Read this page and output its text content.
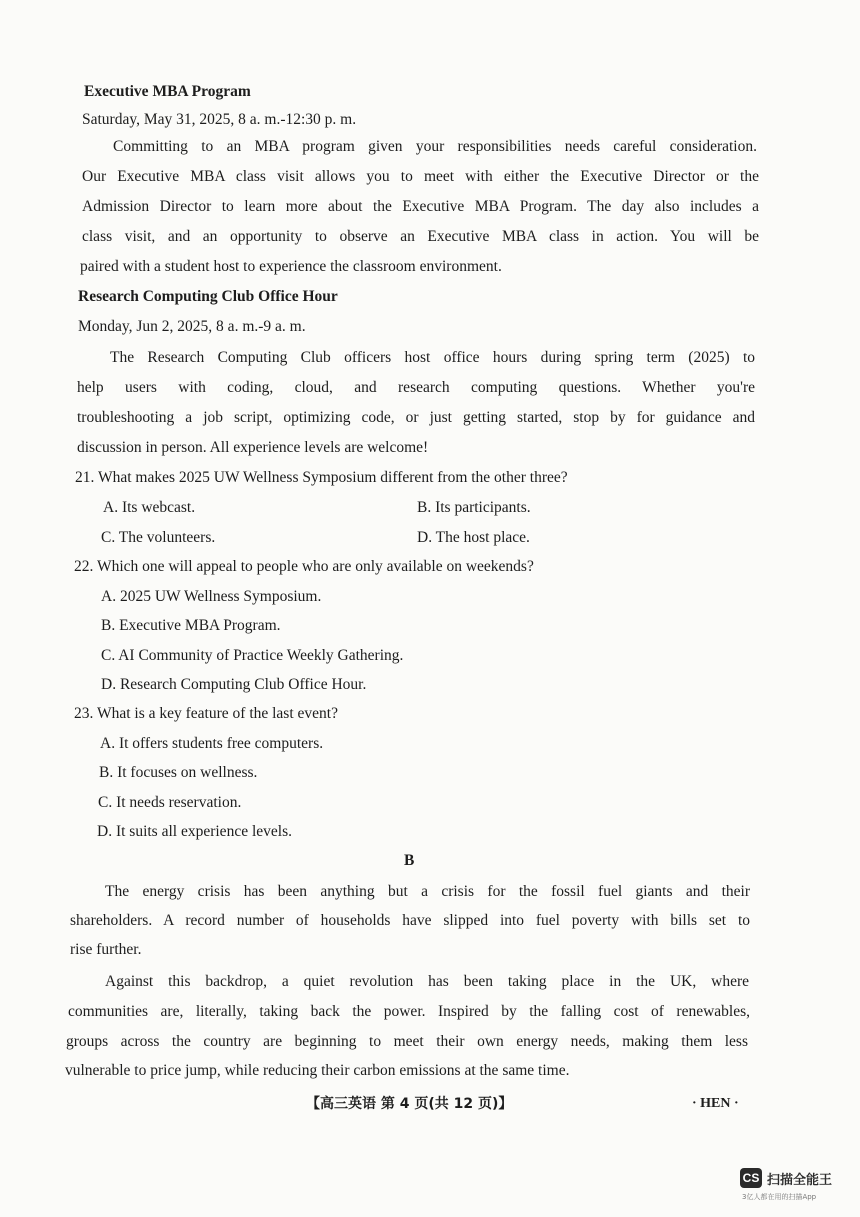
Executive MBA Program
Saturday, May 31, 2025, 8 a. m.-12:30 p. m.
Committing to an MBA program given your responsibilities needs careful consideration.
Our Executive MBA class visit allows you to meet with either the Executive Director or the
Admission Director to learn more about the Executive MBA Program. The day also includes a
class visit, and an opportunity to observe an Executive MBA class in action. You will be
paired with a student host to experience the classroom environment.
Research Computing Club Office Hour
Monday, Jun 2, 2025, 8 a. m.-9 a. m.
The Research Computing Club officers host office hours during spring term (2025) to
help users with coding, cloud, and research computing questions. Whether you're
troubleshooting a job script, optimizing code, or just getting started, stop by for guidance and
discussion in person. All experience levels are welcome!
21. What makes 2025 UW Wellness Symposium different from the other three?
A. Its webcast.	B. Its participants.
C. The volunteers.	D. The host place.
22. Which one will appeal to people who are only available on weekends?
A. 2025 UW Wellness Symposium.
B. Executive MBA Program.
C. AI Community of Practice Weekly Gathering.
D. Research Computing Club Office Hour.
23. What is a key feature of the last event?
A. It offers students free computers.
B. It focuses on wellness.
C. It needs reservation.
D. It suits all experience levels.
B
The energy crisis has been anything but a crisis for the fossil fuel giants and their
shareholders. A record number of households have slipped into fuel poverty with bills set to
rise further.
Against this backdrop, a quiet revolution has been taking place in the UK, where
communities are, literally, taking back the power. Inspired by the falling cost of renewables,
groups across the country are beginning to meet their own energy needs, making them less
vulnerable to price jump, while reducing their carbon emissions at the same time.
【高三英语 第 4 页(共 12 页)】	· HEN ·
CS 扫描全能王
3亿人都在用的扫描App
